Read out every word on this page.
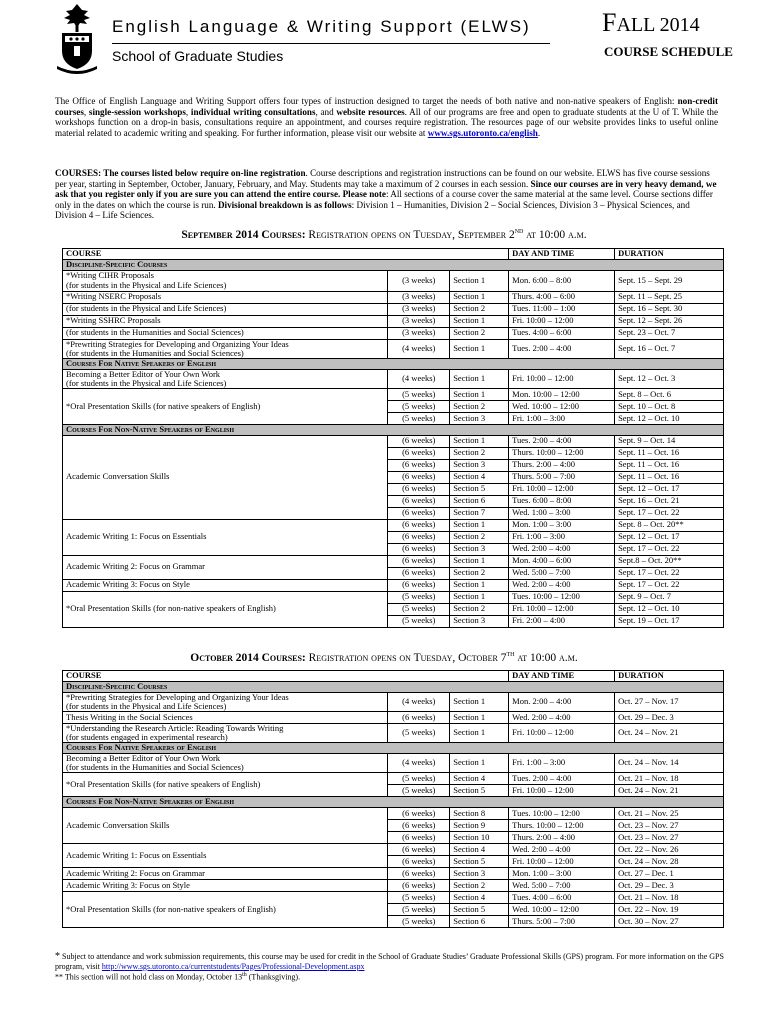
English Language & Writing Support (ELWS)
School of Graduate Studies
FALL 2014
COURSE SCHEDULE
The Office of English Language and Writing Support offers four types of instruction designed to target the needs of both native and non-native speakers of English: non-credit courses, single-session workshops, individual writing consultations, and website resources. All of our programs are free and open to graduate students at the U of T. While the workshops function on a drop-in basis, consultations require an appointment, and courses require registration. The resources page of our website provides links to useful online material related to academic writing and speaking. For further information, please visit our website at www.sgs.utoronto.ca/english.
COURSES: The courses listed below require on-line registration. Course descriptions and registration instructions can be found on our website. ELWS has five course sessions per year, starting in September, October, January, February, and May. Students may take a maximum of 2 courses in each session. Since our courses are in very heavy demand, we ask that you register only if you are sure you can attend the entire course. Please note: All sections of a course cover the same material at the same level. Course sections differ only in the dates on which the course is run. Divisional breakdown is as follows: Division 1 – Humanities, Division 2 – Social Sciences, Division 3 – Physical Sciences, and Division 4 – Life Sciences.
September 2014 Courses: Registration opens on Tuesday, September 2ND at 10:00 a.m.
COURSE			DAY AND TIME	DURATION
Discipline-Specific Courses				

*Writing CIHR Proposals
(for students in the Physical and Life Sciences)	(3 weeks)	Section 1	Mon. 6:00 – 8:00	Sept. 15 – Sept. 29

*Writing NSERC Proposals	(3 weeks)	Section 1	Thurs. 4:00 – 6:00	Sept. 11 – Sept. 25

(for students in the Physical and Life Sciences)	(3 weeks)	Section 2	Tues. 11:00 – 1:00	Sept. 16 – Sept. 30

*Writing SSHRC Proposals	(3 weeks)	Section 1	Fri. 10:00 – 12:00	Sept. 12 – Sept. 26

(for students in the Humanities and Social Sciences)	(3 weeks)	Section 2	Tues. 4:00 – 6:00	Sept. 23 – Oct. 7

*Prewriting Strategies for Developing and Organizing Your Ideas
(for students in the Humanities and Social Sciences)	(4 weeks)	Section 1	Tues. 2:00 – 4:00	Sept. 16 – Oct. 7
Courses For Native Speakers of English				

Becoming a Better Editor of Your Own Work
(for students in the Physical and Life Sciences)	(4 weeks)	Section 1	Fri. 10:00 – 12:00	Sept. 12 – Oct. 3

*Oral Presentation Skills (for native speakers of English)	(5 weeks)	Section 1	Mon. 10:00 – 12:00	Sept. 8 – Oct. 6
	(5 weeks)	Section 2	Wed. 10:00 – 12:00	Sept. 10 – Oct. 8
	(5 weeks)	Section 3	Fri. 1:00 – 3:00	Sept. 12 – Oct. 10
Courses For Non-Native Speakers of English				

Academic Conversation Skills	(6 weeks)	Section 1	Tues. 2:00 – 4:00	Sept. 9 – Oct. 14
	(6 weeks)	Section 2	Thurs. 10:00 – 12:00	Sept. 11 – Oct. 16
	(6 weeks)	Section 3	Thurs. 2:00 – 4:00	Sept. 11 – Oct. 16
	(6 weeks)	Section 4	Thurs. 5:00 – 7:00	Sept. 11 – Oct. 16
	(6 weeks)	Section 5	Fri. 10:00 – 12:00	Sept. 12 – Oct. 17
	(6 weeks)	Section 6	Tues. 6:00 – 8:00	Sept. 16 – Oct. 21
	(6 weeks)	Section 7	Wed. 1:00 – 3:00	Sept. 17 – Oct. 22

Academic Writing 1: Focus on Essentials	(6 weeks)	Section 1	Mon. 1:00 – 3:00	Sept. 8 – Oct. 20**
	(6 weeks)	Section 2	Fri. 1:00 – 3:00	Sept. 12 – Oct. 17
	(6 weeks)	Section 3	Wed. 2:00 – 4:00	Sept. 17 – Oct. 22

Academic Writing 2: Focus on Grammar	(6 weeks)	Section 1	Mon. 4:00 – 6:00	Sept.8 – Oct. 20**
	(6 weeks)	Section 2	Wed. 5:00 – 7:00	Sept. 17 – Oct. 22

Academic Writing 3: Focus on Style	(6 weeks)	Section 1	Wed. 2:00 – 4:00	Sept. 17 – Oct. 22

*Oral Presentation Skills (for non-native speakers of English)	(5 weeks)	Section 1	Tues. 10:00 – 12:00	Sept. 9 – Oct. 7
	(5 weeks)	Section 2	Fri. 10:00 – 12:00	Sept. 12 – Oct. 10
	(5 weeks)	Section 3	Fri. 2:00 – 4:00	Sept. 19 – Oct. 17
October 2014 Courses: Registration opens on Tuesday, October 7TH at 10:00 a.m.
COURSE			DAY AND TIME	DURATION
Discipline-Specific Courses				

*Prewriting Strategies for Developing and Organizing Your Ideas
(for students in the Physical and Life Sciences)	(4 weeks)	Section 1	Mon. 2:00 – 4:00	Oct. 27 – Nov. 17

Thesis Writing in the Social Sciences	(6 weeks)	Section 1	Wed. 2:00 – 4:00	Oct. 29 – Dec. 3

*Understanding the Research Article: Reading Towards Writing
(for students engaged in experimental research)	(5 weeks)	Section 1	Fri. 10:00 – 12:00	Oct. 24 – Nov. 21
Courses For Native Speakers of English				

Becoming a Better Editor of Your Own Work
(for students in the Humanities and Social Sciences)	(4 weeks)	Section 1	Fri. 1:00 – 3:00	Oct. 24 – Nov. 14

*Oral Presentation Skills (for native speakers of English)	(5 weeks)	Section 4	Tues. 2:00 – 4:00	Oct. 21 – Nov. 18
	(5 weeks)	Section 5	Fri. 10:00 – 12:00	Oct. 24 – Nov. 21
Courses For Non-Native Speakers of English				

Academic Conversation Skills	(6 weeks)	Section 8	Tues. 10:00 – 12:00	Oct. 21 – Nov. 25
	(6 weeks)	Section 9	Thurs. 10:00 – 12:00	Oct. 23 – Nov. 27
	(6 weeks)	Section 10	Thurs. 2:00 – 4:00	Oct. 23 – Nov. 27

Academic Writing 1: Focus on Essentials	(6 weeks)	Section 4	Wed. 2:00 – 4:00	Oct. 22 – Nov. 26
	(6 weeks)	Section 5	Fri. 10:00 – 12:00	Oct. 24 – Nov. 28

Academic Writing 2: Focus on Grammar	(6 weeks)	Section 3	Mon. 1:00 – 3:00	Oct. 27 – Dec. 1

Academic Writing 3: Focus on Style	(6 weeks)	Section 2	Wed. 5:00 – 7:00	Oct. 29 – Dec. 3

*Oral Presentation Skills (for non-native speakers of English)	(5 weeks)	Section 4	Tues. 4:00 – 6:00	Oct. 21 – Nov. 18
	(5 weeks)	Section 5	Wed. 10:00 – 12:00	Oct. 22 – Nov. 19
	(5 weeks)	Section 6	Thurs. 5:00 – 7:00	Oct. 30 – Nov. 27
* Subject to attendance and work submission requirements, this course may be used for credit in the School of Graduate Studies’ Graduate Professional Skills (GPS) program. For more information on the GPS program, visit http://www.sgs.utoronto.ca/currentstudents/Pages/Professional-Development.aspx
** This section will not hold class on Monday, October 13th (Thanksgiving).
